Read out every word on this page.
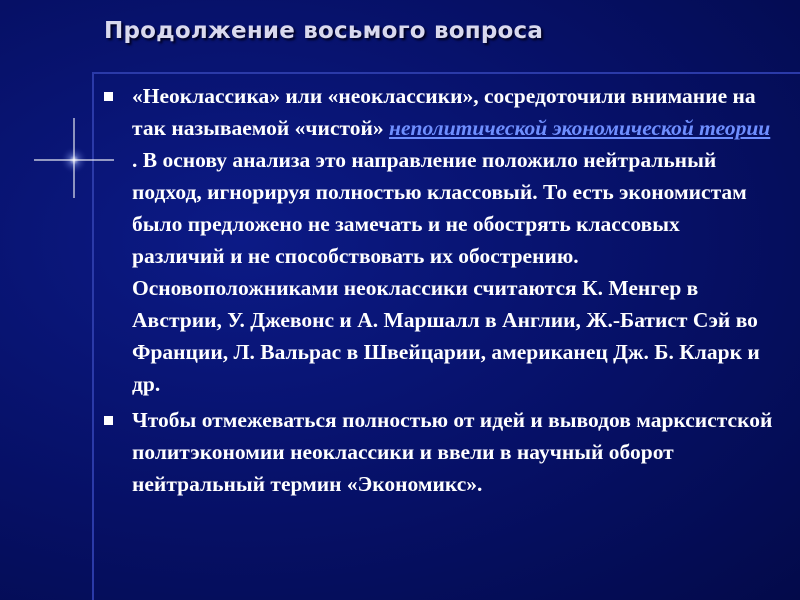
Продолжение восьмого вопроса
«Неоклассика» или «неоклассики», сосредоточили внимание на так называемой «чистой» неполитической экономической теории . В основу анализа это направление положило нейтральный подход, игнорируя полностью классовый. То есть экономистам было предложено не замечать и не обострять классовых различий и не способствовать их обострению. Основоположниками неоклассики считаются К. Менгер в Австрии, У. Джевонс и А. Маршалл в Англии, Ж.-Батист Сэй во Франции, Л. Вальрас в Швейцарии, американец Дж. Б. Кларк и др.
Чтобы отмежеваться полностью от идей и выводов марксистской политэкономии неоклассики и ввели в научный оборот нейтральный термин «Экономикс».
